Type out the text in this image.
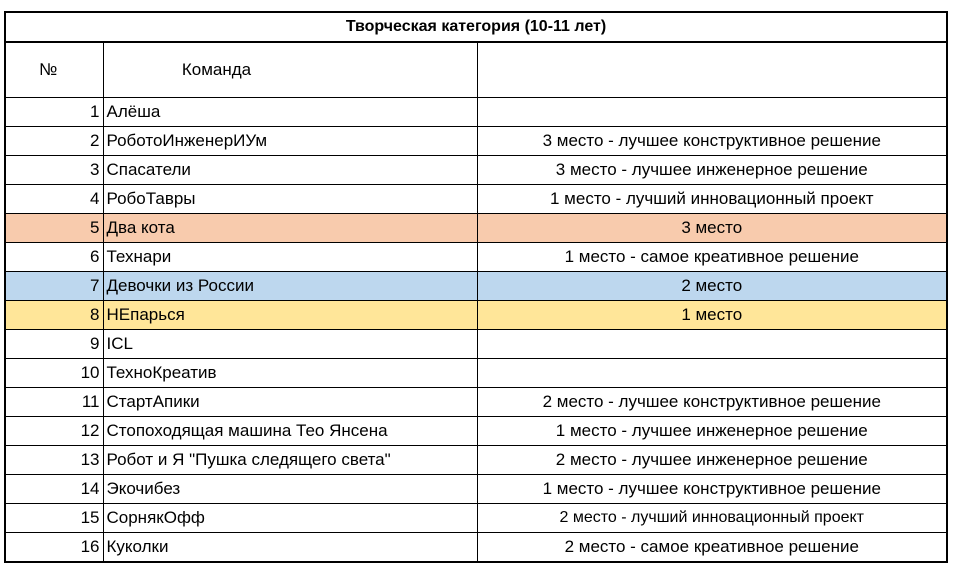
Творческая категория (10-11 лет)		
№	Команда	
1	Алёша	
2	РоботоИнженерИУм	3 место - лучшее конструктивное решение
3	Спасатели	3 место - лучшее инженерное решение
4	РобоТавры	1 место - лучший инновационный проект
5	Два кота	3 место
6	Технари	1 место - самое креативное решение
7	Девочки из России	2 место
8	НЕпарься	1 место
9	ICL	
10	ТехноКреатив	
11	СтартАпики	2 место - лучшее конструктивное решение
12	Стопоходящая машина Тео Янсена	1 место - лучшее инженерное решение
13	Робот и Я "Пушка следящего света"	2 место - лучшее инженерное решение
14	Экочибез	1 место - лучшее конструктивное решение
15	СорнякОфф	2 место - лучший инновационный проект
16	Куколки	2 место - самое креативное решение
